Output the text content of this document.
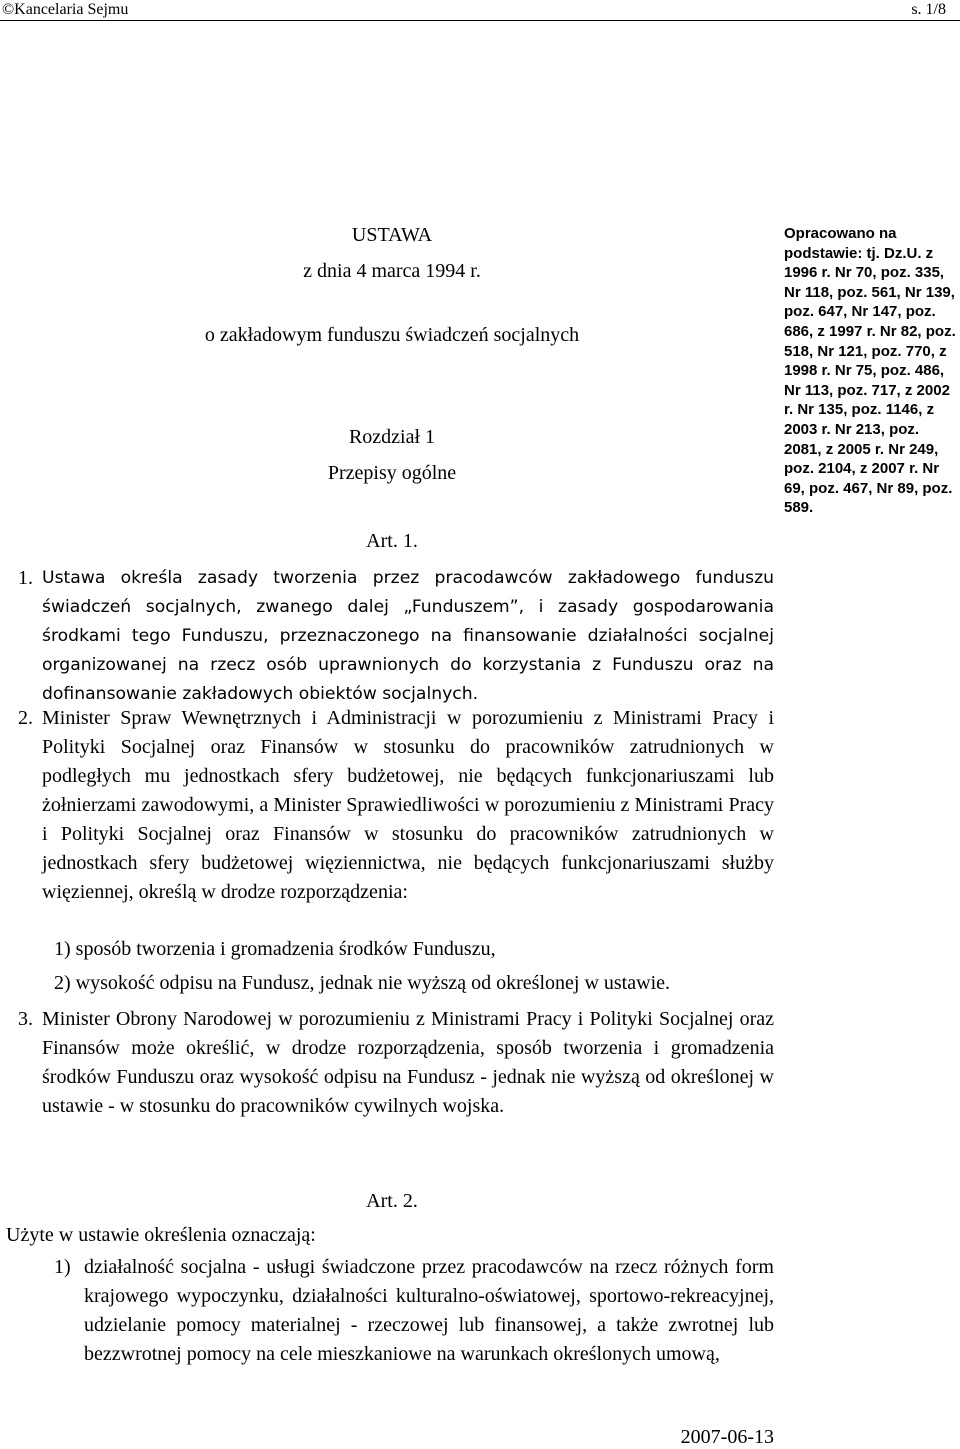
©Kancelaria Sejmu	s. 1/8
USTAWA
z dnia 4 marca 1994 r.
o zakładowym funduszu świadczeń socjalnych
Opracowano na podstawie: tj. Dz.U. z 1996 r. Nr 70, poz. 335, Nr 118, poz. 561, Nr 139, poz. 647, Nr 147, poz. 686, z 1997 r. Nr 82, poz. 518, Nr 121, poz. 770, z 1998 r. Nr 75, poz. 486, Nr 113, poz. 717, z 2002 r. Nr 135, poz. 1146, z 2003 r. Nr 213, poz. 2081, z 2005 r. Nr 249, poz. 2104, z 2007 r. Nr 69, poz. 467, Nr 89, poz. 589.
Rozdział 1
Przepisy ogólne
Art. 1.
1. Ustawa określa zasady tworzenia przez pracodawców zakładowego funduszu świadczeń socjalnych, zwanego dalej „Funduszem”, i zasady gospodarowania środkami tego Funduszu, przeznaczonego na finansowanie działalności socjalnej organizowanej na rzecz osób uprawnionych do korzystania z Funduszu oraz na dofinansowanie zakładowych obiektów socjalnych.
2. Minister Spraw Wewnętrznych i Administracji w porozumieniu z Ministrami Pracy i Polityki Socjalnej oraz Finansów w stosunku do pracowników zatrudnionych w podległych mu jednostkach sfery budżetowej, nie będących funkcjonariuszami lub żołnierzami zawodowymi, a Minister Sprawiedliwości w porozumieniu z Ministrami Pracy i Polityki Socjalnej oraz Finansów w stosunku do pracowników zatrudnionych w jednostkach sfery budżetowej więziennictwa, nie będących funkcjonariuszami służby więziennej, określą w drodze rozporządzenia:
1) sposób tworzenia i gromadzenia środków Funduszu,
2) wysokość odpisu na Fundusz, jednak nie wyższą od określonej w ustawie.
3. Minister Obrony Narodowej w porozumieniu z Ministrami Pracy i Polityki Socjalnej oraz Finansów może określić, w drodze rozporządzenia, sposób tworzenia i gromadzenia środków Funduszu oraz wysokość odpisu na Fundusz - jednak nie wyższą od określonej w ustawie - w stosunku do pracowników cywilnych wojska.
Art. 2.
Użyte w ustawie określenia oznaczają:
1) działalność socjalna - usługi świadczone przez pracodawców na rzecz różnych form krajowego wypoczynku, działalności kulturalno-oświatowej, sportowo-rekreacyjnej, udzielanie pomocy materialnej - rzeczowej lub finansowej, a także zwrotnej lub bezzwrotnej pomocy na cele mieszkaniowe na warunkach określonych umową,
2007-06-13
